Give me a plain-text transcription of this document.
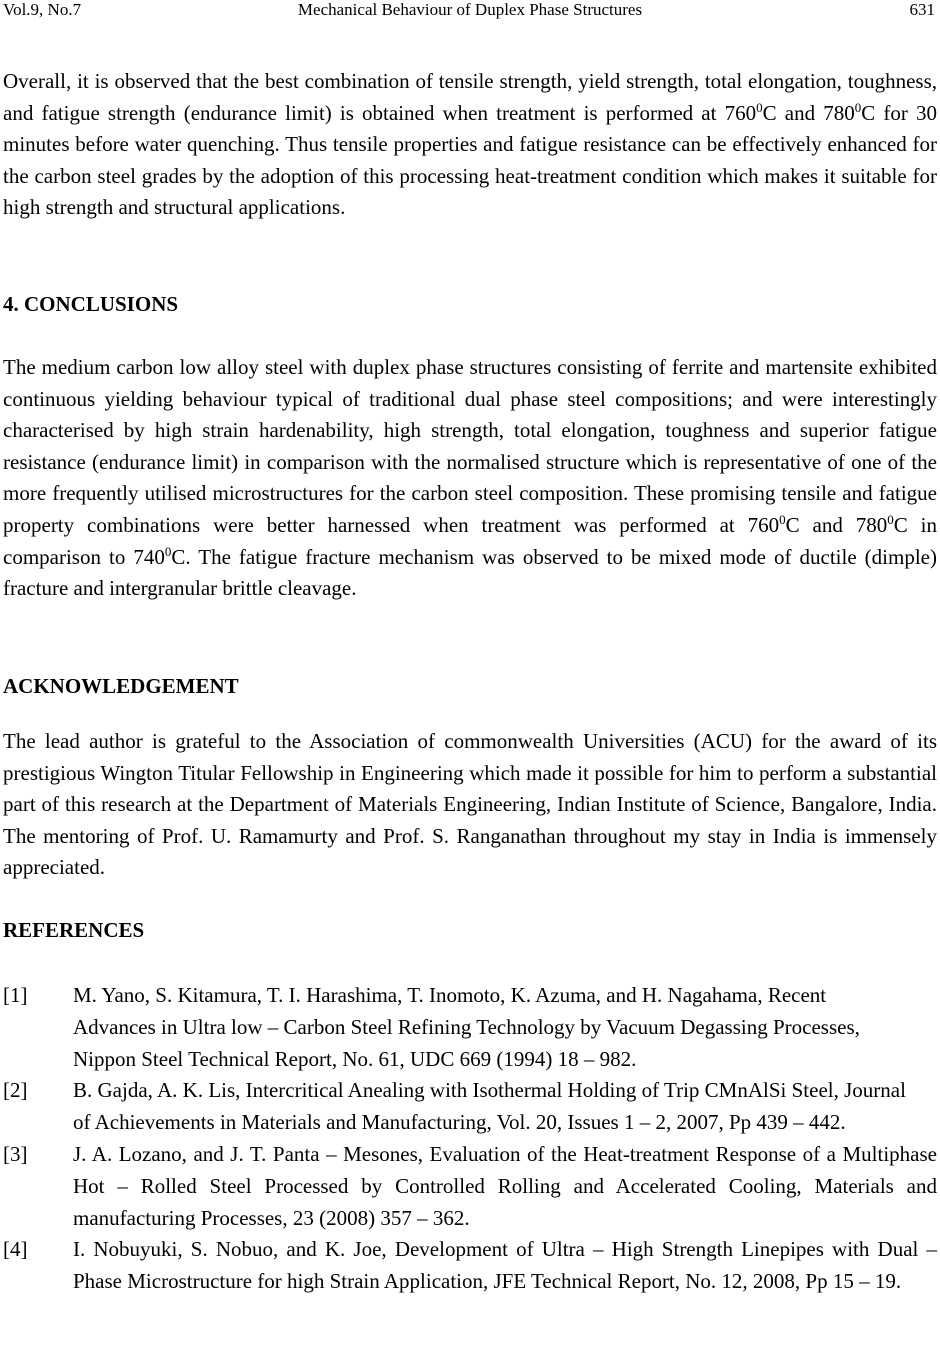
Vol.9, No.7	Mechanical Behaviour of Duplex Phase Structures	631

Overall, it is observed that the best combination of tensile strength, yield strength, total elongation, toughness, and fatigue strength (endurance limit) is obtained when treatment is performed at $760^0C$ and $780^0C$ for 30 minutes before water quenching. Thus tensile properties and fatigue resistance can be effectively enhanced for the carbon steel grades by the adoption of this processing heat-treatment condition which makes it suitable for high strength and structural applications.

4. CONCLUSIONS

The medium carbon low alloy steel with duplex phase structures consisting of ferrite and martensite exhibited continuous yielding behaviour typical of traditional dual phase steel compositions; and were interestingly characterised by high strain hardenability, high strength, total elongation, toughness and superior fatigue resistance (endurance limit) in comparison with the normalised structure which is representative of one of the more frequently utilised microstructures for the carbon steel composition. These promising tensile and fatigue property combinations were better harnessed when treatment was performed at $760^0C$ and $780^0C$ in comparison to $740^0C$. The fatigue fracture mechanism was observed to be mixed mode of ductile (dimple) fracture and intergranular brittle cleavage.

ACKNOWLEDGEMENT

The lead author is grateful to the Association of commonwealth Universities (ACU) for the award of its prestigious Wington Titular Fellowship in Engineering which made it possible for him to perform a substantial part of this research at the Department of Materials Engineering, Indian Institute of Science, Bangalore, India. The mentoring of Prof. U. Ramamurty and Prof. S. Ranganathan throughout my stay in India is immensely appreciated.

REFERENCES
[1]	M. Yano, S. Kitamura, T. I. Harashima, T. Inomoto, K. Azuma, and H. Nagahama, Recent Advances in Ultra low – Carbon Steel Refining Technology by Vacuum Degassing Processes, Nippon Steel Technical Report, No. 61, UDC 669 (1994) 18 – 982.
[2]	B. Gajda, A. K. Lis, Intercritical Anealing with Isothermal Holding of Trip CMnAlSi Steel, Journal of Achievements in Materials and Manufacturing, Vol. 20, Issues 1 – 2, 2007, Pp 439 – 442.
[3]	J. A. Lozano, and J. T. Panta – Mesones, Evaluation of the Heat-treatment Response of a Multiphase Hot – Rolled Steel Processed by Controlled Rolling and Accelerated Cooling, Materials and manufacturing Processes, 23 (2008) 357 – 362.
[4]	I. Nobuyuki, S. Nobuo, and K. Joe, Development of Ultra – High Strength Linepipes with Dual – Phase Microstructure for high Strain Application, JFE Technical Report, No. 12, 2008, Pp 15 – 19.
